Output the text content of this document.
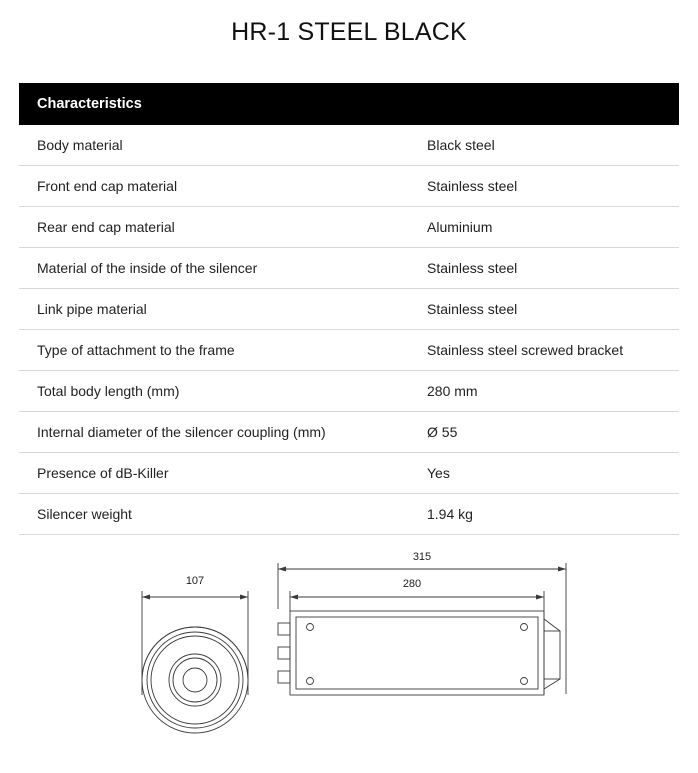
HR-1 STEEL BLACK
Characteristics	
Body material	Black steel
Front end cap material	Stainless steel
Rear end cap material	Aluminium
Material of the inside of the silencer	Stainless steel
Link pipe material	Stainless steel
Type of attachment to the frame	Stainless steel screwed bracket
Total body length (mm)	280 mm
Internal diameter of the silencer coupling (mm)	Ø 55
Presence of dB-Killer	Yes
Silencer weight	1.94 kg
107
315
280
